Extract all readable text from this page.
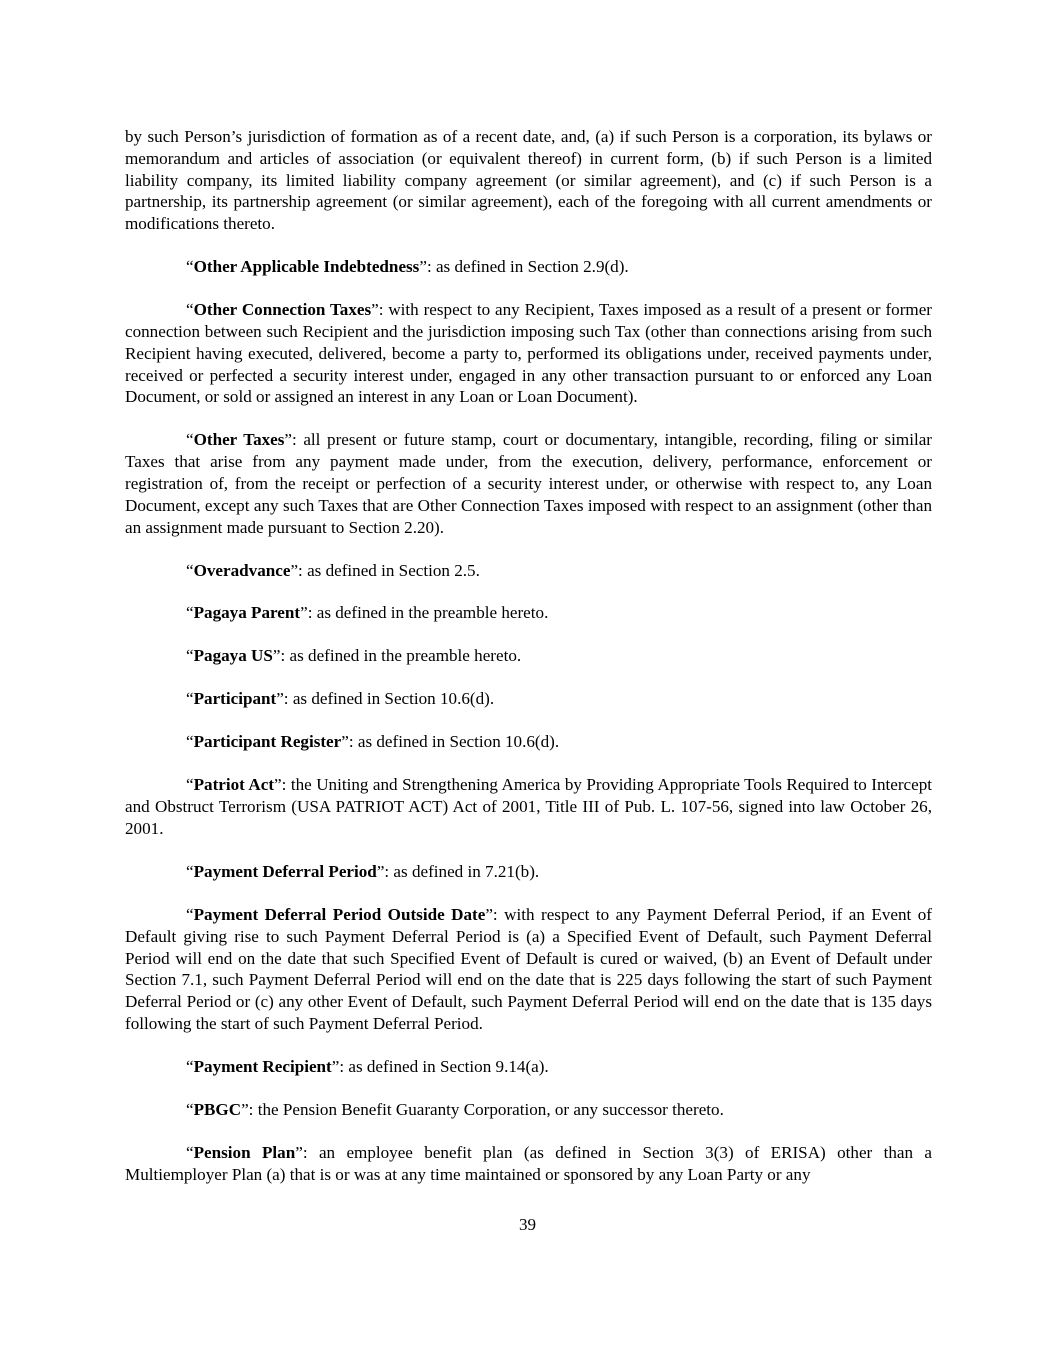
by such Person’s jurisdiction of formation as of a recent date, and, (a) if such Person is a corporation, its bylaws or memorandum and articles of association (or equivalent thereof) in current form, (b) if such Person is a limited liability company, its limited liability company agreement (or similar agreement), and (c) if such Person is a partnership, its partnership agreement (or similar agreement), each of the foregoing with all current amendments or modifications thereto.

“Other Applicable Indebtedness”: as defined in Section 2.9(d).

“Other Connection Taxes”: with respect to any Recipient, Taxes imposed as a result of a present or former connection between such Recipient and the jurisdiction imposing such Tax (other than connections arising from such Recipient having executed, delivered, become a party to, performed its obligations under, received payments under, received or perfected a security interest under, engaged in any other transaction pursuant to or enforced any Loan Document, or sold or assigned an interest in any Loan or Loan Document).

“Other Taxes”: all present or future stamp, court or documentary, intangible, recording, filing or similar Taxes that arise from any payment made under, from the execution, delivery, performance, enforcement or registration of, from the receipt or perfection of a security interest under, or otherwise with respect to, any Loan Document, except any such Taxes that are Other Connection Taxes imposed with respect to an assignment (other than an assignment made pursuant to Section 2.20).

“Overadvance”: as defined in Section 2.5.

“Pagaya Parent”: as defined in the preamble hereto.

“Pagaya US”: as defined in the preamble hereto.

“Participant”: as defined in Section 10.6(d).

“Participant Register”: as defined in Section 10.6(d).

“Patriot Act”: the Uniting and Strengthening America by Providing Appropriate Tools Required to Intercept and Obstruct Terrorism (USA PATRIOT ACT) Act of 2001, Title III of Pub. L. 107-56, signed into law October 26, 2001.

“Payment Deferral Period”: as defined in 7.21(b).

“Payment Deferral Period Outside Date”: with respect to any Payment Deferral Period, if an Event of Default giving rise to such Payment Deferral Period is (a) a Specified Event of Default, such Payment Deferral Period will end on the date that such Specified Event of Default is cured or waived, (b) an Event of Default under Section 7.1, such Payment Deferral Period will end on the date that is 225 days following the start of such Payment Deferral Period or (c) any other Event of Default, such Payment Deferral Period will end on the date that is 135 days following the start of such Payment Deferral Period.

“Payment Recipient”: as defined in Section 9.14(a).

“PBGC”: the Pension Benefit Guaranty Corporation, or any successor thereto.

“Pension Plan”: an employee benefit plan (as defined in Section 3(3) of ERISA) other than a Multiemployer Plan (a) that is or was at any time maintained or sponsored by any Loan Party or any

39
